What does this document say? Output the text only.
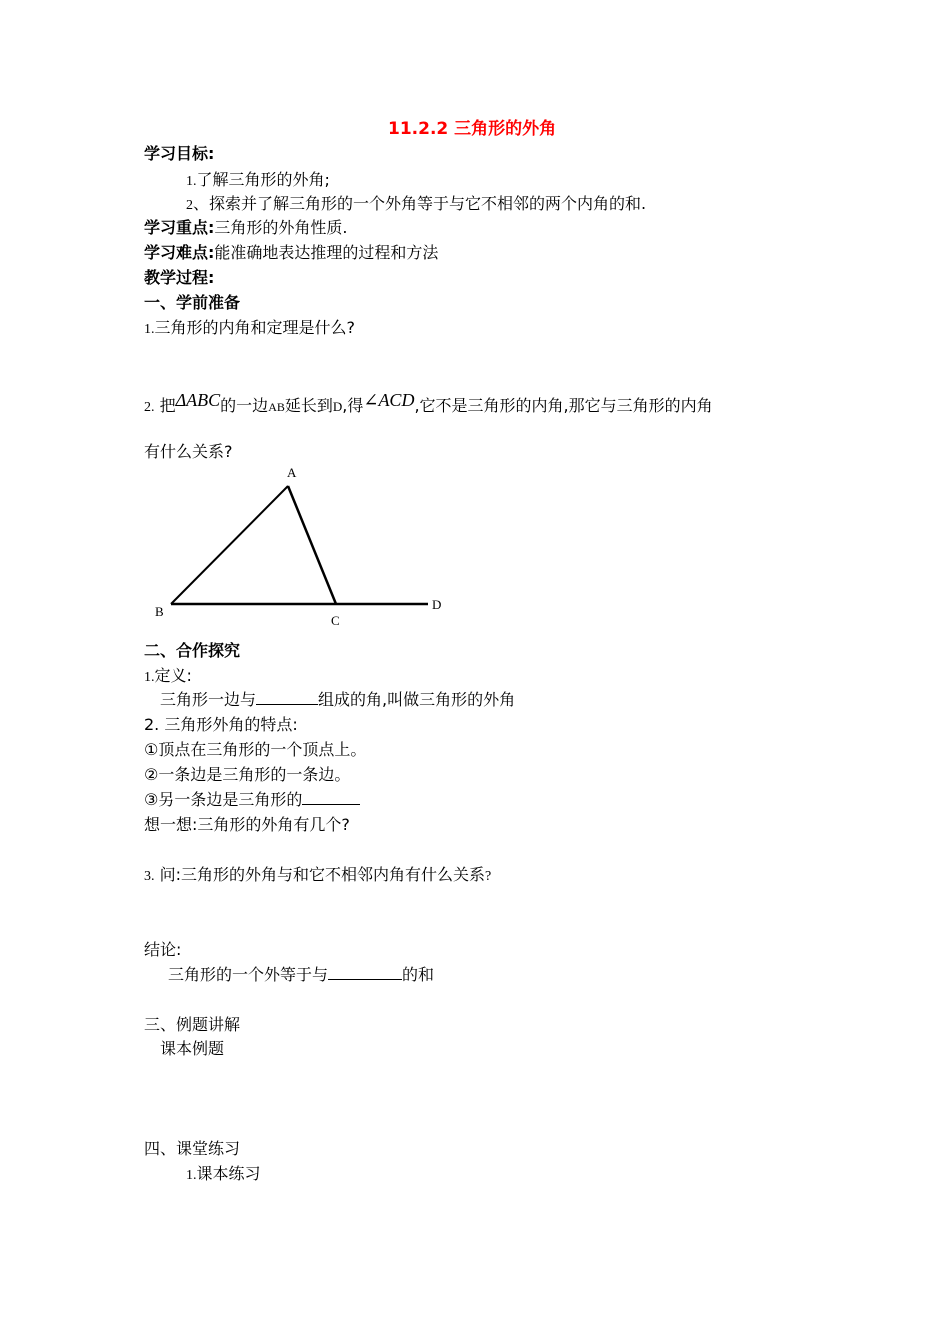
11.2.2 三角形的外角
学习目标:
1.了解三角形的外角;
2、探索并了解三角形的一个外角等于与它不相邻的两个内角的和.
学习重点:三角形的外角性质.
学习难点:能准确地表达推理的过程和方法
教学过程:
一、学前准备
1.三角形的内角和定理是什么?
2. 把ΔABC的一边AB延长到D,得∠ACD,它不是三角形的内角,那它与三角形的内角
有什么关系?
A
B
C
D
二、合作探究
1.定义:
三角形一边与	组成的角,叫做三角形的外角
2. 三角形外角的特点:
①顶点在三角形的一个顶点上。
②一条边是三角形的一条边。
③另一条边是三角形的
想一想:三角形的外角有几个?
3. 问:三角形的外角与和它不相邻内角有什么关系?
结论:
三角形的一个外等于与	的和
三、例题讲解
课本例题
四、课堂练习
1.课本练习
